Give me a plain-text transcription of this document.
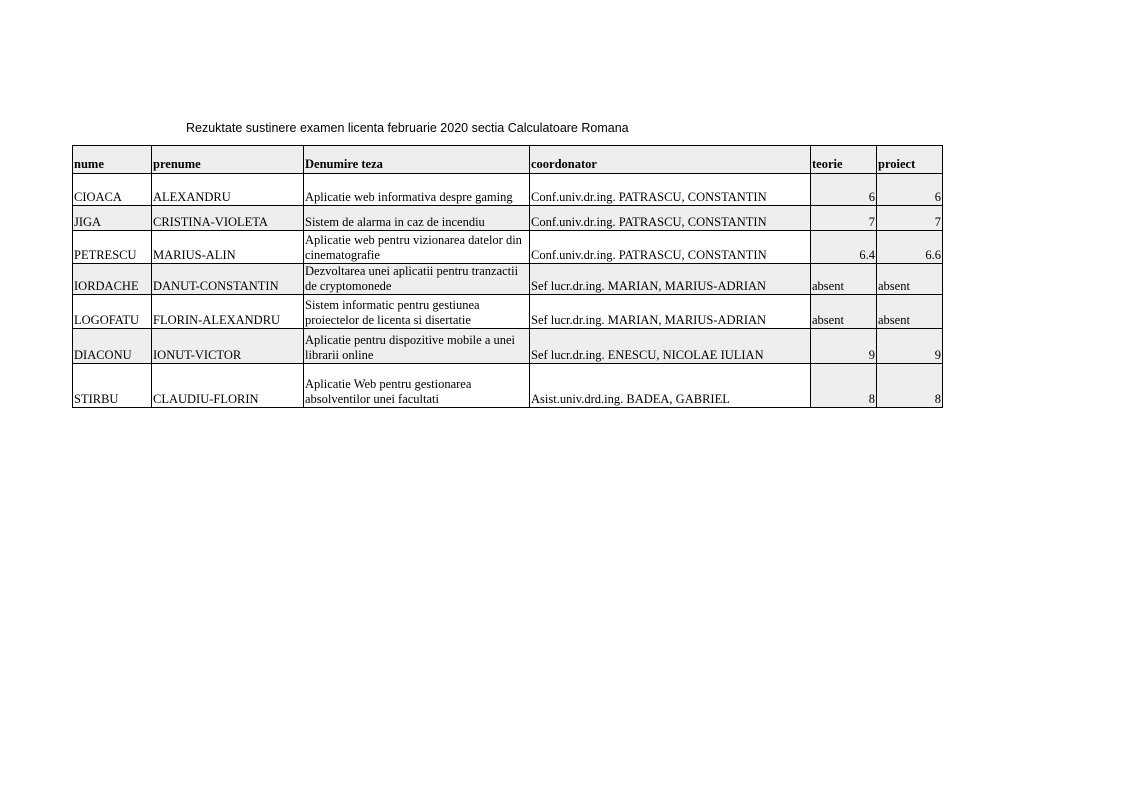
Rezuktate sustinere examen licenta februarie 2020 sectia Calculatoare Romana
nume	prenume	Denumire teza	coordonator	teorie	proiect
CIOACA	ALEXANDRU	Aplicatie web informativa despre gaming	Conf.univ.dr.ing. PATRASCU, CONSTANTIN	6	6
JIGA	CRISTINA-VIOLETA	Sistem de alarma in caz de incendiu	Conf.univ.dr.ing. PATRASCU, CONSTANTIN	7	7
PETRESCU	MARIUS-ALIN	Aplicatie web pentru vizionarea datelor din cinematografie	Conf.univ.dr.ing. PATRASCU, CONSTANTIN	6.4	6.6
IORDACHE	DANUT-CONSTANTIN	Dezvoltarea unei aplicatii pentru tranzactii de cryptomonede	Sef lucr.dr.ing. MARIAN, MARIUS-ADRIAN	absent	absent
LOGOFATU	FLORIN-ALEXANDRU	Sistem informatic pentru gestiunea proiectelor de licenta si disertatie	Sef lucr.dr.ing. MARIAN, MARIUS-ADRIAN	absent	absent
DIACONU	IONUT-VICTOR	Aplicatie pentru dispozitive mobile a unei librarii online	Sef lucr.dr.ing. ENESCU, NICOLAE IULIAN	9	9
STIRBU	CLAUDIU-FLORIN	Aplicatie Web pentru gestionarea absolventilor unei facultati	Asist.univ.drd.ing. BADEA, GABRIEL	8	8
